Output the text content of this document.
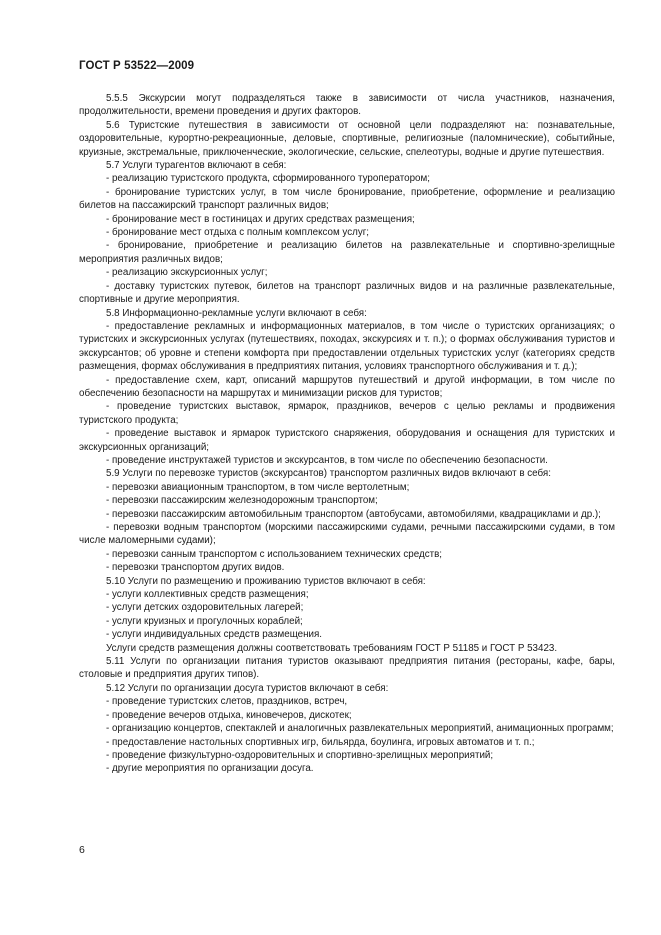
ГОСТ Р 53522—2009

5.5.5 Экскурсии могут подразделяться также в зависимости от числа участников, назначения, продолжительности, времени проведения и других факторов.

5.6 Туристские путешествия в зависимости от основной цели подразделяют на: познавательные, оздоровительные, курортно-рекреационные, деловые, спортивные, религиозные (паломнические), событийные, круизные, экстремальные, приключенческие, экологические, сельские, спелеотуры, водные и другие путешествия.

5.7 Услуги турагентов включают в себя:

- реализацию туристского продукта, сформированного туроператором;

- бронирование туристских услуг, в том числе бронирование, приобретение, оформление и реализацию билетов на пассажирский транспорт различных видов;

- бронирование мест в гостиницах и других средствах размещения;

- бронирование мест отдыха с полным комплексом услуг;

- бронирование, приобретение и реализацию билетов на развлекательные и спортивно-зрелищные мероприятия различных видов;

- реализацию экскурсионных услуг;

- доставку туристских путевок, билетов на транспорт различных видов и на различные развлекательные, спортивные и другие мероприятия.

5.8 Информационно-рекламные услуги включают в себя:

- предоставление рекламных и информационных материалов, в том числе о туристских организациях; о туристских и экскурсионных услугах (путешествиях, походах, экскурсиях и т. п.); о формах обслуживания туристов и экскурсантов; об уровне и степени комфорта при предоставлении отдельных туристских услуг (категориях средств размещения, формах обслуживания в предприятиях питания, условиях транспортного обслуживания и т. д.);

- предоставление схем, карт, описаний маршрутов путешествий и другой информации, в том числе по обеспечению безопасности на маршрутах и минимизации рисков для туристов;

- проведение туристских выставок, ярмарок, праздников, вечеров с целью рекламы и продвижения туристского продукта;

- проведение выставок и ярмарок туристского снаряжения, оборудования и оснащения для туристских и экскурсионных организаций;

- проведение инструктажей туристов и экскурсантов, в том числе по обеспечению безопасности.

5.9 Услуги по перевозке туристов (экскурсантов) транспортом различных видов включают в себя:

- перевозки авиационным транспортом, в том числе вертолетным;

- перевозки пассажирским железнодорожным транспортом;

- перевозки пассажирским автомобильным транспортом (автобусами, автомобилями, квадрациклами и др.);

- перевозки водным транспортом (морскими пассажирскими судами, речными пассажирскими судами, в том числе маломерными судами);

- перевозки санным транспортом с использованием технических средств;

- перевозки транспортом других видов.

5.10 Услуги по размещению и проживанию туристов включают в себя:

- услуги коллективных средств размещения;

- услуги детских оздоровительных лагерей;

- услуги круизных и прогулочных кораблей;

- услуги индивидуальных средств размещения.

Услуги средств размещения должны соответствовать требованиям ГОСТ Р 51185 и ГОСТ Р 53423.

5.11 Услуги по организации питания туристов оказывают предприятия питания (рестораны, кафе, бары, столовые и предприятия других типов).

5.12 Услуги по организации досуга туристов включают в себя:

- проведение туристских слетов, праздников, встреч,

- проведение вечеров отдыха, киновечеров, дискотек;

- организацию концертов, спектаклей и аналогичных развлекательных мероприятий, анимационных программ;

- предоставление настольных спортивных игр, бильярда, боулинга, игровых автоматов и т. п.;

- проведение физкультурно-оздоровительных и спортивно-зрелищных мероприятий;

- другие мероприятия по организации досуга.

6
